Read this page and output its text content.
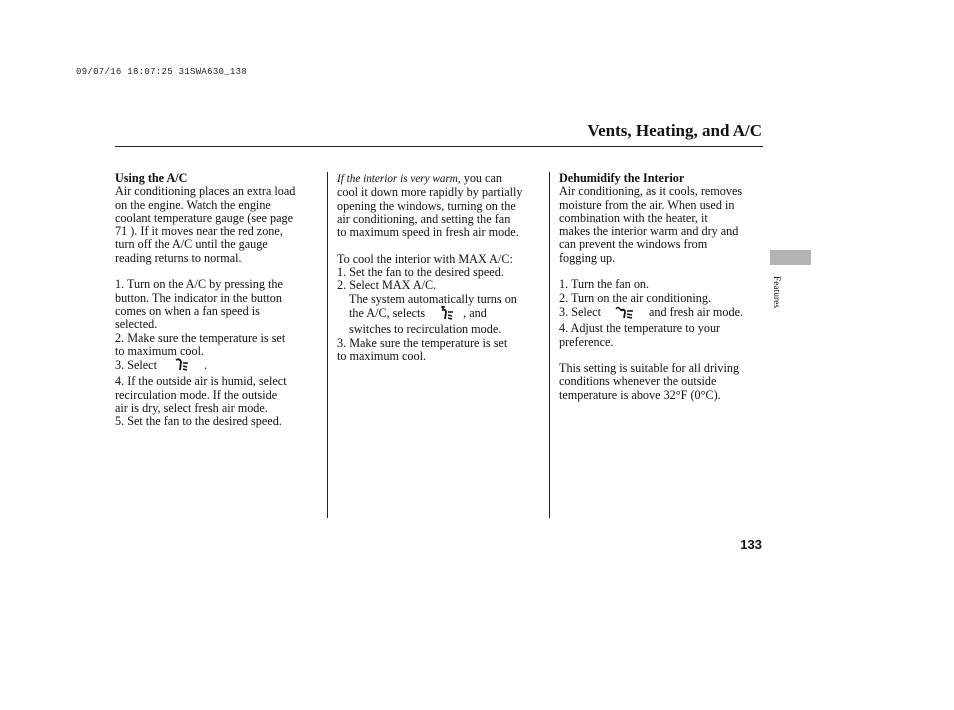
09/07/16 18:07:25 31SWA630_138
Vents, Heating, and A/C

Using the A/C

Air conditioning places an extra load

on the engine. Watch the engine

coolant temperature gauge (see page

71 ). If it moves near the red zone,

turn off the A/C until the gauge

reading returns to normal.

1. Turn on the A/C by pressing the

button. The indicator in the button

comes on when a fan speed is

selected.

2. Make sure the temperature is set

to maximum cool.

3. Select	.

4. If the outside air is humid, select

recirculation mode. If the outside

air is dry, select fresh air mode.

5. Set the fan to the desired speed.

If the interior is very warm, you can

cool it down more rapidly by partially

opening the windows, turning on the

air conditioning, and setting the fan

to maximum speed in fresh air mode.

To cool the interior with MAX A/C:

1. Set the fan to the desired speed.

2. Select MAX A/C.

The system automatically turns on

the A/C, selects	, and

switches to recirculation mode.

3. Make sure the temperature is set

to maximum cool.

Dehumidify the Interior

Air conditioning, as it cools, removes

moisture from the air. When used in

combination with the heater, it

makes the interior warm and dry and

can prevent the windows from

fogging up.

1. Turn the fan on.

2. Turn on the air conditioning.

3. Select	and fresh air mode.

4. Adjust the temperature to your

preference.

This setting is suitable for all driving

conditions whenever the outside

temperature is above 32°F (0°C).

Features
133
